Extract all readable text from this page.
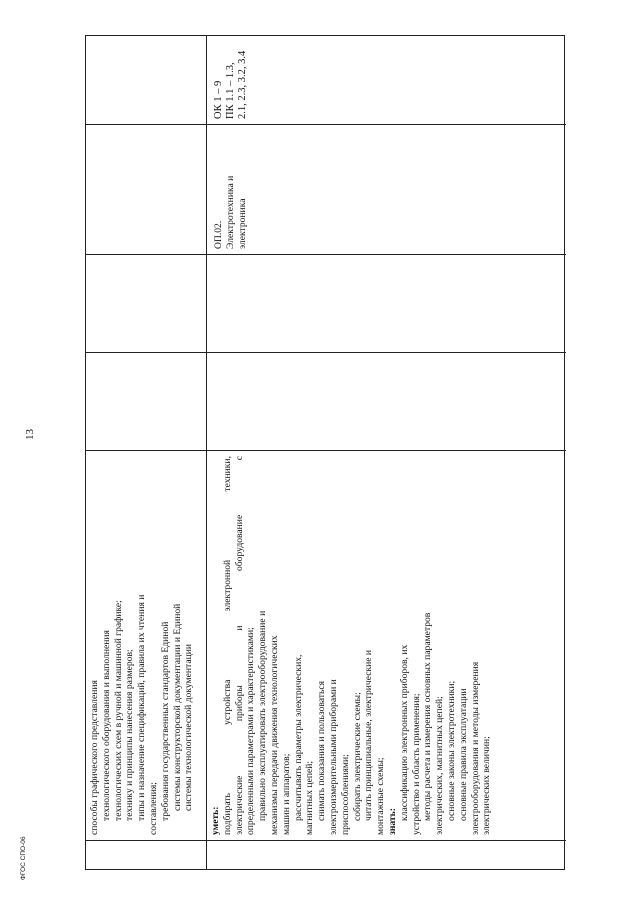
13
способы графического представления технологического оборудования и выполнения технологических схем в ручной и машинной графике; технику и принципы нанесения размеров; типы и назначение спецификаций, правила их чтения и составления; требования государственных стандартов Единой системы конструкторской документации и Единой системы технологической документации
уметь: подбирать
устройства
электронной
техники,
электрические
приборы
и
оборудование
с
определенными параметрами и характеристиками; правильно эксплуатировать электрооборудование и механизмы передачи движения технологических машин и аппаратов; рассчитывать параметры электрических, магнитных цепей; снимать показания и пользоваться электроизмерительными приборами и приспособлениями; собирать электрические схемы; читать принципиальные, электрические и монтажные схемы; знать:
классификацию электронных приборов, их устройство и область применения; методы расчета и измерения основных параметров электрических, магнитных цепей; основные законы электротехники; основные правила эксплуатации электрооборудования и методы измерения электрических величин;
ОП.02. Электротехника и электроника
ОК 1 – 9 ПК 1.1 – 1.3, 2.1, 2.3, 3.2, 3.4
ФГОС СПО-06
